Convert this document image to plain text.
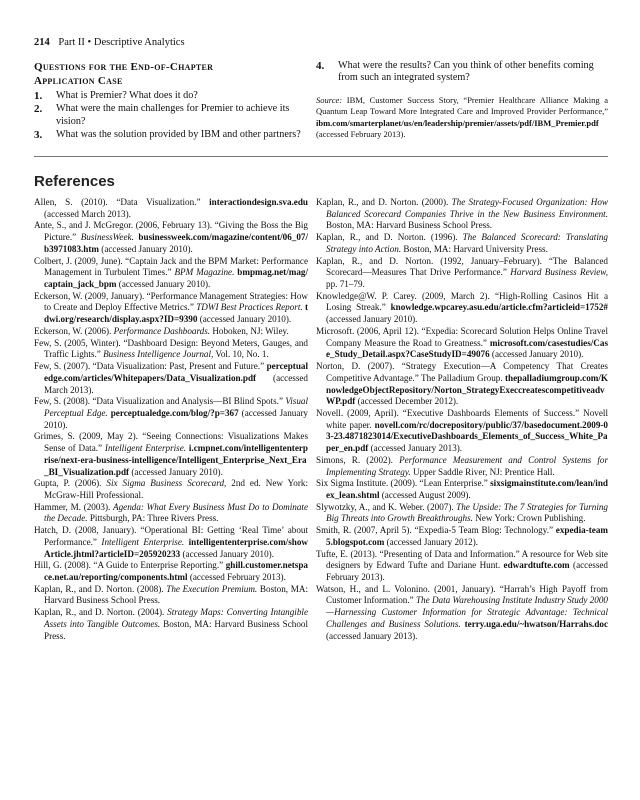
214 Part II • Descriptive Analytics
Questions for the End-of-Chapter
Application Case
1.	What is Premier? What does it do?
2.	What were the main challenges for Premier to achieve its vision?
3.	What was the solution provided by IBM and other partners?
4.	What were the results? Can you think of other benefits coming from such an integrated system?
Source: IBM, Customer Success Story, “Premier Healthcare Alliance Making a Quantum Leap Toward More Integrated Care and Improved Provider Performance,” ibm.com/smarterplanet/us/en/leadership/premier/assets/pdf/IBM_Premier.pdf (accessed February 2013).
References
Allen, S. (2010). “Data Visualization.” interactiondesign.sva.edu (accessed March 2013).
Ante, S., and J. McGregor. (2006, February 13). “Giving the Boss the Big Picture.” BusinessWeek. businessweek.com/magazine/content/06_07/b3971083.htm (accessed January 2010).
Colbert, J. (2009, June). “Captain Jack and the BPM Market: Performance Management in Turbulent Times.” BPM Magazine. bmpmag.net/mag/captain_jack_bpm (accessed January 2010).
Eckerson, W. (2009, January). “Performance Management Strategies: How to Create and Deploy Effective Metrics.” TDWI Best Practices Report. tdwi.org/research/display.aspx?ID=9390 (accessed January 2010).
Eckerson, W. (2006). Performance Dashboards. Hoboken, NJ: Wiley.
Few, S. (2005, Winter). “Dashboard Design: Beyond Meters, Gauges, and Traffic Lights.” Business Intelligence Journal, Vol. 10, No. 1.
Few, S. (2007). “Data Visualization: Past, Present and Future.” perceptualedge.com/articles/Whitepapers/Data_Visualization.pdf (accessed March 2013).
Few, S. (2008). “Data Visualization and Analysis—BI Blind Spots.” Visual Perceptual Edge. perceptualedge.com/blog/?p=367 (accessed January 2010).
Grimes, S. (2009, May 2). “Seeing Connections: Visualizations Makes Sense of Data.” Intelligent Enterprise. i.cmpnet.com/intelligententerprise/next-era-business-intelligence/Intelligent_Enterprise_Next_Era_BI_Visualization.pdf (accessed January 2010).
Gupta, P. (2006). Six Sigma Business Scorecard, 2nd ed. New York: McGraw-Hill Professional.
Hammer, M. (2003). Agenda: What Every Business Must Do to Dominate the Decade. Pittsburgh, PA: Three Rivers Press.
Hatch, D. (2008, January). “Operational BI: Getting ‘Real Time’ about Performance.” Intelligent Enterprise. intelligententerprise.com/showArticle.jhtml?articleID=205920233 (accessed January 2010).
Hill, G. (2008). “A Guide to Enterprise Reporting.” ghill.customer.netspace.net.au/reporting/components.html (accessed February 2013).
Kaplan, R., and D. Norton. (2008). The Execution Premium. Boston, MA: Harvard Business School Press.
Kaplan, R., and D. Norton. (2004). Strategy Maps: Converting Intangible Assets into Tangible Outcomes. Boston, MA: Harvard Business School Press.
Kaplan, R., and D. Norton. (2000). The Strategy-Focused Organization: How Balanced Scorecard Companies Thrive in the New Business Environment. Boston, MA: Harvard Business School Press.
Kaplan, R., and D. Norton. (1996). The Balanced Scorecard: Translating Strategy into Action. Boston, MA: Harvard University Press.
Kaplan, R., and D. Norton. (1992, January–February). “The Balanced Scorecard—Measures That Drive Performance.” Harvard Business Review, pp. 71–79.
Knowledge@W. P. Carey. (2009, March 2). “High-Rolling Casinos Hit a Losing Streak.” knowledge.wpcarey.asu.edu/article.cfm?articleid=1752# (accessed January 2010).
Microsoft. (2006, April 12). “Expedia: Scorecard Solution Helps Online Travel Company Measure the Road to Greatness.” microsoft.com/casestudies/Case_Study_Detail.aspx?CaseStudyID=49076 (accessed January 2010).
Norton, D. (2007). “Strategy Execution—A Competency That Creates Competitive Advantage.” The Palladium Group. thepalladiumgroup.com/KnowledgeObjectRepository/Norton_StrategyExeccreatescompetitiveadvWP.pdf (accessed December 2012).
Novell. (2009, April). “Executive Dashboards Elements of Success.” Novell white paper. novell.com/rc/docrepository/public/37/basedocument.2009-03-23.4871823014/ExecutiveDashboards_Elements_of_Success_White_Paper_en.pdf (accessed January 2013).
Simons, R. (2002). Performance Measurement and Control Systems for Implementing Strategy. Upper Saddle River, NJ: Prentice Hall.
Six Sigma Institute. (2009). “Lean Enterprise.” sixsigmainstitute.com/lean/index_lean.shtml (accessed August 2009).
Slywotzky, A., and K. Weber. (2007). The Upside: The 7 Strategies for Turning Big Threats into Growth Breakthroughs. New York: Crown Publishing.
Smith, R. (2007, April 5). “Expedia-5 Team Blog: Technology.” expedia-team5.blogspot.com (accessed January 2012).
Tufte, E. (2013). “Presenting of Data and Information.” A resource for Web site designers by Edward Tufte and Dariane Hunt. edwardtufte.com (accessed February 2013).
Watson, H., and L. Volonino. (2001, January). “Harrah’s High Payoff from Customer Information.” The Data Warehousing Institute Industry Study 2000—Harnessing Customer Information for Strategic Advantage: Technical Challenges and Business Solutions. terry.uga.edu/~hwatson/Harrahs.doc (accessed January 2013).
